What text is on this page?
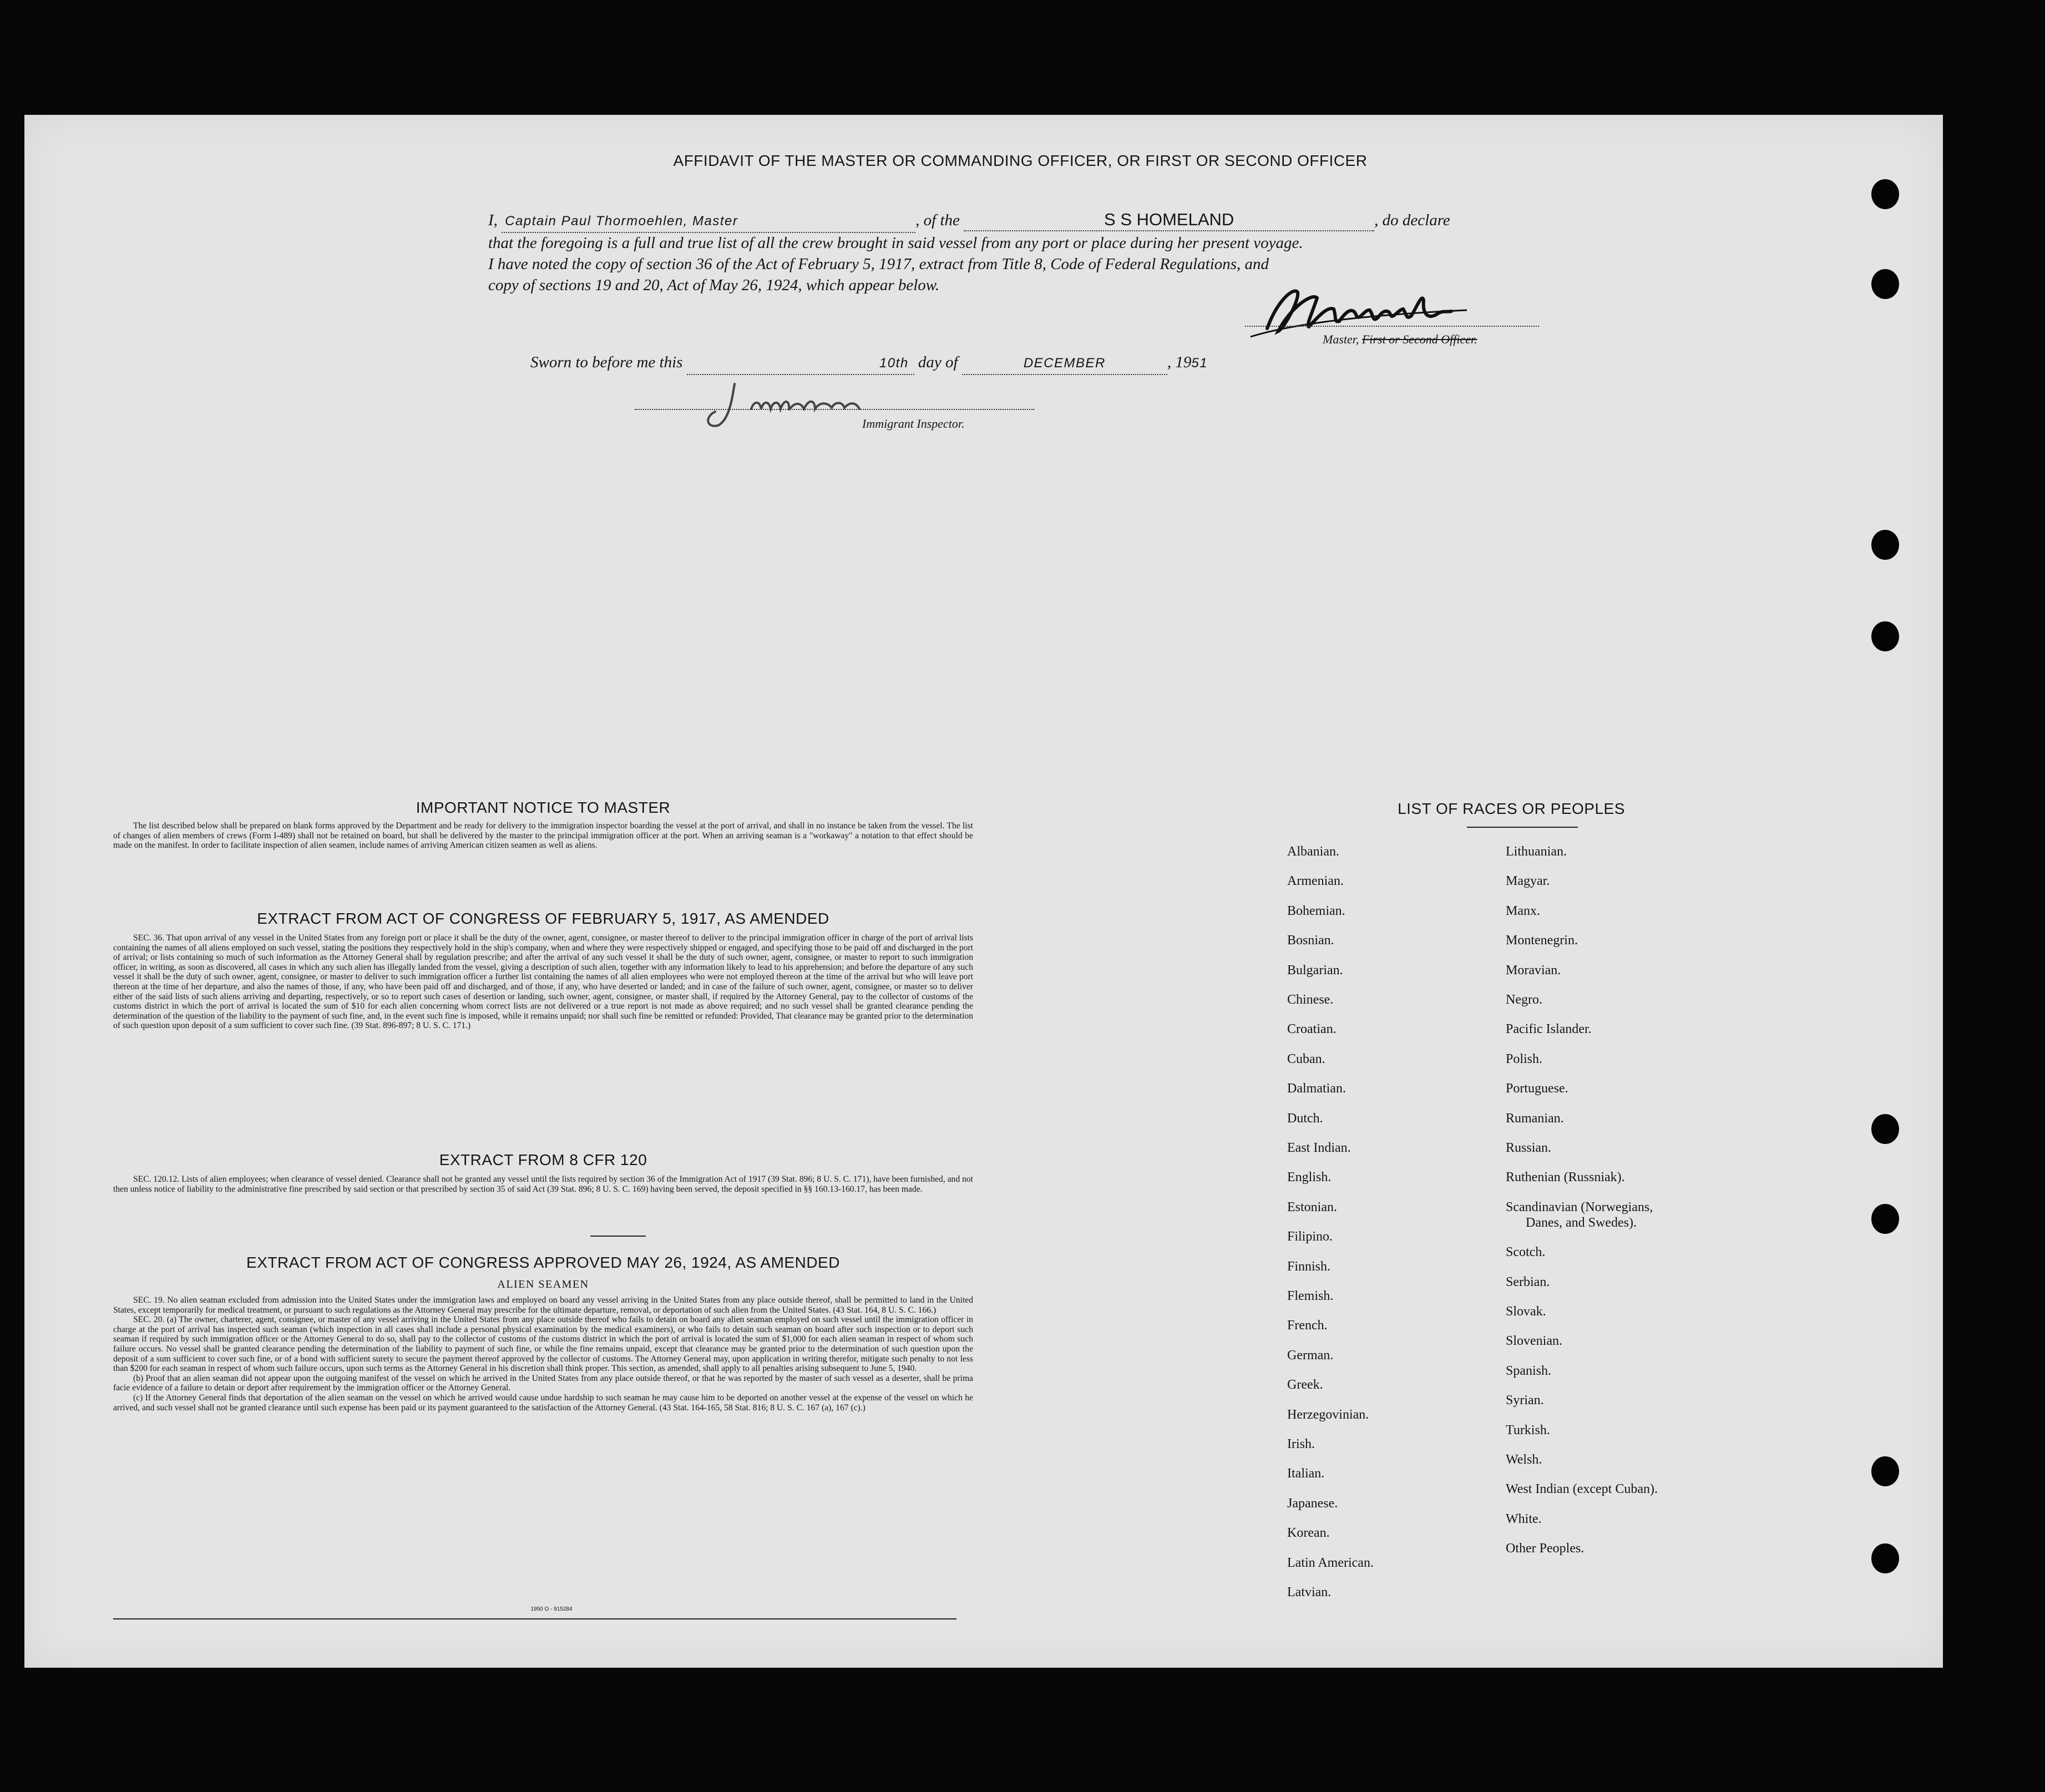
AFFIDAVIT OF THE MASTER OR COMMANDING OFFICER, OR FIRST OR SECOND OFFICER
I, Captain Paul Thormoehlen, Master	, of the	S S HOMELAND	, do declare
that the foregoing is a full and true list of all the crew brought in said vessel from any port or place during her present voyage.
I have noted the copy of section 36 of the Act of February 5, 1917, extract from Title 8, Code of Federal Regulations, and
copy of sections 19 and 20, Act of May 26, 1924, which appear below.
Master, First or Second Officer.
Sworn to before me this	10th day of	DECEMBER	, 1951
Immigrant Inspector.
IMPORTANT NOTICE TO MASTER

The list described below shall be prepared on blank forms approved by the Department and be ready for delivery to the immigration inspector boarding the vessel at the port of arrival, and shall in no instance be taken from the vessel. The list of changes of alien members of crews (Form I-489) shall not be retained on board, but shall be delivered by the master to the principal immigration officer at the port. When an arriving seaman is a "workaway" a notation to that effect should be made on the manifest. In order to facilitate inspection of alien seamen, include names of arriving American citizen seamen as well as aliens.

EXTRACT FROM ACT OF CONGRESS OF FEBRUARY 5, 1917, AS AMENDED

SEC. 36. That upon arrival of any vessel in the United States from any foreign port or place it shall be the duty of the owner, agent, consignee, or master thereof to deliver to the principal immigration officer in charge of the port of arrival lists containing the names of all aliens employed on such vessel, stating the positions they respectively hold in the ship's company, when and where they were respectively shipped or engaged, and specifying those to be paid off and discharged in the port of arrival; or lists containing so much of such information as the Attorney General shall by regulation prescribe; and after the arrival of any such vessel it shall be the duty of such owner, agent, consignee, or master to report to such immigration officer, in writing, as soon as discovered, all cases in which any such alien has illegally landed from the vessel, giving a description of such alien, together with any information likely to lead to his apprehension; and before the departure of any such vessel it shall be the duty of such owner, agent, consignee, or master to deliver to such immigration officer a further list containing the names of all alien employees who were not employed thereon at the time of the arrival but who will leave port thereon at the time of her departure, and also the names of those, if any, who have been paid off and discharged, and of those, if any, who have deserted or landed; and in case of the failure of such owner, agent, consignee, or master so to deliver either of the said lists of such aliens arriving and departing, respectively, or so to report such cases of desertion or landing, such owner, agent, consignee, or master shall, if required by the Attorney General, pay to the collector of customs of the customs district in which the port of arrival is located the sum of $10 for each alien concerning whom correct lists are not delivered or a true report is not made as above required; and no such vessel shall be granted clearance pending the determination of the question of the liability to the payment of such fine, and, in the event such fine is imposed, while it remains unpaid; nor shall such fine be remitted or refunded: Provided, That clearance may be granted prior to the determination of such question upon deposit of a sum sufficient to cover such fine. (39 Stat. 896-897; 8 U. S. C. 171.)

EXTRACT FROM 8 CFR 120

SEC. 120.12. Lists of alien employees; when clearance of vessel denied. Clearance shall not be granted any vessel until the lists required by section 36 of the Immigration Act of 1917 (39 Stat. 896; 8 U. S. C. 171), have been furnished, and not then unless notice of liability to the administrative fine prescribed by said section or that prescribed by section 35 of said Act (39 Stat. 896; 8 U. S. C. 169) having been served, the deposit specified in §§ 160.13-160.17, has been made.

EXTRACT FROM ACT OF CONGRESS APPROVED MAY 26, 1924, AS AMENDED
ALIEN SEAMEN

SEC. 19. No alien seaman excluded from admission into the United States under the immigration laws and employed on board any vessel arriving in the United States from any place outside thereof, shall be permitted to land in the United States, except temporarily for medical treatment, or pursuant to such regulations as the Attorney General may prescribe for the ultimate departure, removal, or deportation of such alien from the United States. (43 Stat. 164, 8 U. S. C. 166.)

SEC. 20. (a) The owner, charterer, agent, consignee, or master of any vessel arriving in the United States from any place outside thereof who fails to detain on board any alien seaman employed on such vessel until the immigration officer in charge at the port of arrival has inspected such seaman (which inspection in all cases shall include a personal physical examination by the medical examiners), or who fails to detain such seaman on board after such inspection or to deport such seaman if required by such immigration officer or the Attorney General to do so, shall pay to the collector of customs of the customs district in which the port of arrival is located the sum of $1,000 for each alien seaman in respect of whom such failure occurs. No vessel shall be granted clearance pending the determination of the liability to payment of such fine, or while the fine remains unpaid, except that clearance may be granted prior to the determination of such question upon the deposit of a sum sufficient to cover such fine, or of a bond with sufficient surety to secure the payment thereof approved by the collector of customs. The Attorney General may, upon application in writing therefor, mitigate such penalty to not less than $200 for each seaman in respect of whom such failure occurs, upon such terms as the Attorney General in his discretion shall think proper. This section, as amended, shall apply to all penalties arising subsequent to June 5, 1940.

(b) Proof that an alien seaman did not appear upon the outgoing manifest of the vessel on which he arrived in the United States from any place outside thereof, or that he was reported by the master of such vessel as a deserter, shall be prima facie evidence of a failure to detain or deport after requirement by the immigration officer or the Attorney General.

(c) If the Attorney General finds that deportation of the alien seaman on the vessel on which he arrived would cause undue hardship to such seaman he may cause him to be deported on another vessel at the expense of the vessel on which he arrived, and such vessel shall not be granted clearance until such expense has been paid or its payment guaranteed to the satisfaction of the Attorney General. (43 Stat. 164-165, 58 Stat. 816; 8 U. S. C. 167 (a), 167 (c).)

1950 O - 915284
LIST OF RACES OR PEOPLES
Albanian.
Armenian.
Bohemian.
Bosnian.
Bulgarian.
Chinese.
Croatian.
Cuban.
Dalmatian.
Dutch.
East Indian.
English.
Estonian.
Filipino.
Finnish.
Flemish.
French.
German.
Greek.
Herzegovinian.
Irish.
Italian.
Japanese.
Korean.
Latin American.
Latvian.
Lithuanian.
Magyar.
Manx.
Montenegrin.
Moravian.
Negro.
Pacific Islander.
Polish.
Portuguese.
Rumanian.
Russian.
Ruthenian (Russniak).
Scandinavian (Norwegians,
Danes, and Swedes).
Scotch.
Serbian.
Slovak.
Slovenian.
Spanish.
Syrian.
Turkish.
Welsh.
West Indian (except Cuban).
White.
Other Peoples.
